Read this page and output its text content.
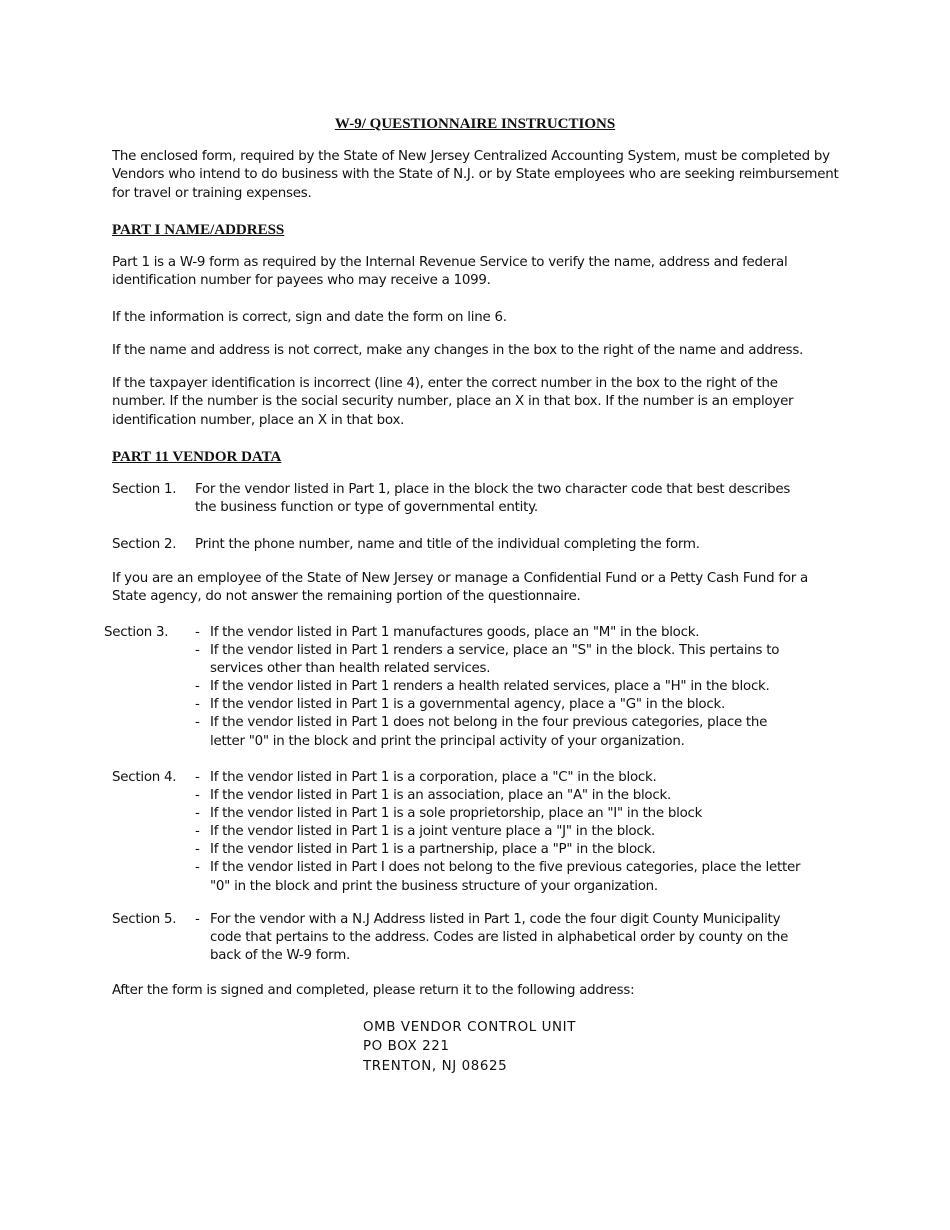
W-9/ QUESTIONNAIRE INSTRUCTIONS
The enclosed form, required by the State of New Jersey Centralized Accounting System, must be completed by Vendors who intend to do business with the State of N.J. or by State employees who are seeking reimbursement for travel or training expenses.
PART I NAME/ADDRESS
Part 1 is a W-9 form as required by the Internal Revenue Service to verify the name, address and federal identification number for payees who may receive a 1099.
If the information is correct, sign and date the form on line 6.
If the name and address is not correct, make any changes in the box to the right of the name and address.
If the taxpayer identification is incorrect (line 4), enter the correct number in the box to the right of the number. If the number is the social security number, place an X in that box. If the number is an employer identification number, place an X in that box.
PART 11 VENDOR DATA
Section 1. For the vendor listed in Part 1, place in the block the two character code that best describes the business function or type of governmental entity.
Section 2. Print the phone number, name and title of the individual completing the form.
If you are an employee of the State of New Jersey or manage a Confidential Fund or a Petty Cash Fund for a State agency, do not answer the remaining portion of the questionnaire.
Section 3. - If the vendor listed in Part 1 manufactures goods, place an "M" in the block.
- If the vendor listed in Part 1 renders a service, place an "S" in the block. This pertains to services other than health related services.
- If the vendor listed in Part 1 renders a health related services, place a "H" in the block.
- If the vendor listed in Part 1 is a governmental agency, place a "G" in the block.
- If the vendor listed in Part 1 does not belong in the four previous categories, place the letter "0" in the block and print the principal activity of your organization.
Section 4. - If the vendor listed in Part 1 is a corporation, place a "C" in the block.
- If the vendor listed in Part 1 is an association, place an "A" in the block.
- If the vendor listed in Part 1 is a sole proprietorship, place an "I" in the block
- If the vendor listed in Part 1 is a joint venture place a "J" in the block.
- If the vendor listed in Part 1 is a partnership, place a "P" in the block.
- If the vendor listed in Part I does not belong to the five previous categories, place the letter "0" in the block and print the business structure of your organization.
Section 5. - For the vendor with a N.J Address listed in Part 1, code the four digit County Municipality code that pertains to the address. Codes are listed in alphabetical order by county on the back of the W-9 form.
After the form is signed and completed, please return it to the following address:
OMB VENDOR CONTROL UNIT
PO BOX 221
TRENTON, NJ 08625
